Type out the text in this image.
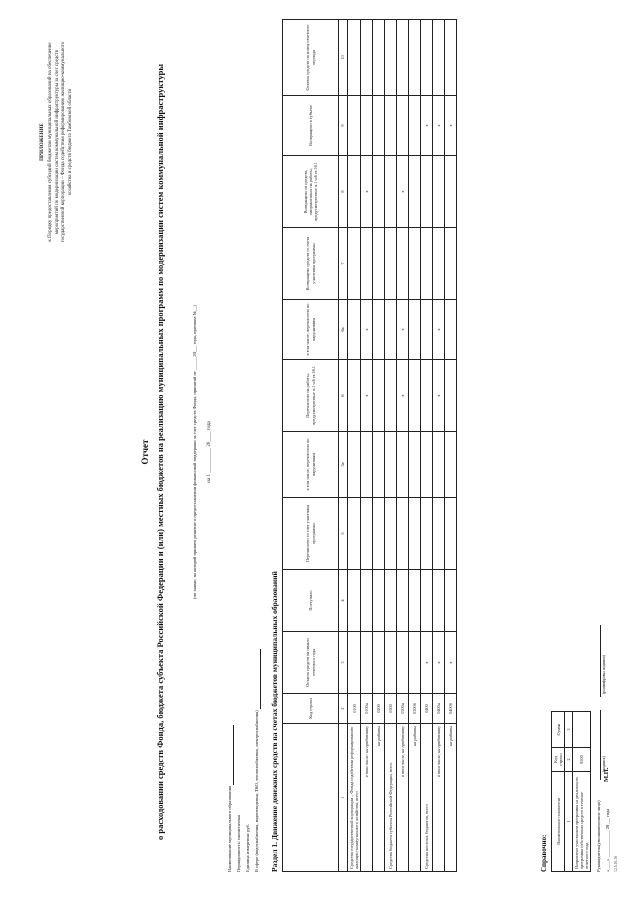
ПРИЛОЖЕНИЕ к Порядку предоставления субсидий бюджетам муниципальных образований на обеспечение мероприятий по модернизации систем коммунальной инфраструктуры за счет средств государственной корпорации – Фонда содействия реформированию жилищно-коммунального хозяйства и средств бюджета Тамбовской области
Отчет о расходовании средств Фонда, бюджета субъекта Российской Федерации и (или) местных бюджетов на реализацию муниципальных программ по модернизации систем коммунальной инфраструктуры	(по заявке, на которой принято решение о предоставлении финансовой поддержки за счет средств Фонда, принятой от ______20___ года, протокол №__) на 1 __________ 20____ года
Наименование муниципального образования Периодичность: ежемесячная Единица измерения: руб. В сфере (водоснабжения, водоотведения, ТКО, теплоснабжения, электроснабжения) Раздел 1. Движение денежных средств на счетах бюджетов муниципальных образований
		Код строки	Остаток средств на начало отчетного года	Поступило	Перечислено со счет участника программы	в том числе, перечислено по нарушениям	Перечислено на работы, предусмотренные п.1 ч.6 ст.16.1	в том числе, перечислено по нарушениям	Возвращено средств со счета участника программы	Возвращено из средств, направленных на работы, предусмотренные п.1 ч.6 ст.16.1	Возвращено в субъект	Остаток средств на конец отчетного периода
1	2	3	4	5	5а	6	6а	7	8	9	10
Средства государственной корпорации – Фонда содействия реформированию жилищно-коммунального хозяйства, всего	0100										
в том числе: на предоплату	0100а					х	х		х		
на работы	0200										
Средства бюджета субъекта Российской Федерации, всего	0300										
в том числе, на предоплату	0300а					х	х		х		
на работы	0300б										
Средства местных бюджетов, всего	0400	х								х	
в том числе, на предоплату	0400а	х				х	х			х	
на работы	0400б	х								х	
Справочно:
Наименование показателя	Код строки	Сумма
1	2	3
Направлено участником программы на реализацию программы собственных средств в течение отчетного года	0500	
Руководитель(уполномоченное лицо)
(подпись)
(расшифровка подписи)
«____» ____________ 20___ года
М.П.
12.5.16.16
